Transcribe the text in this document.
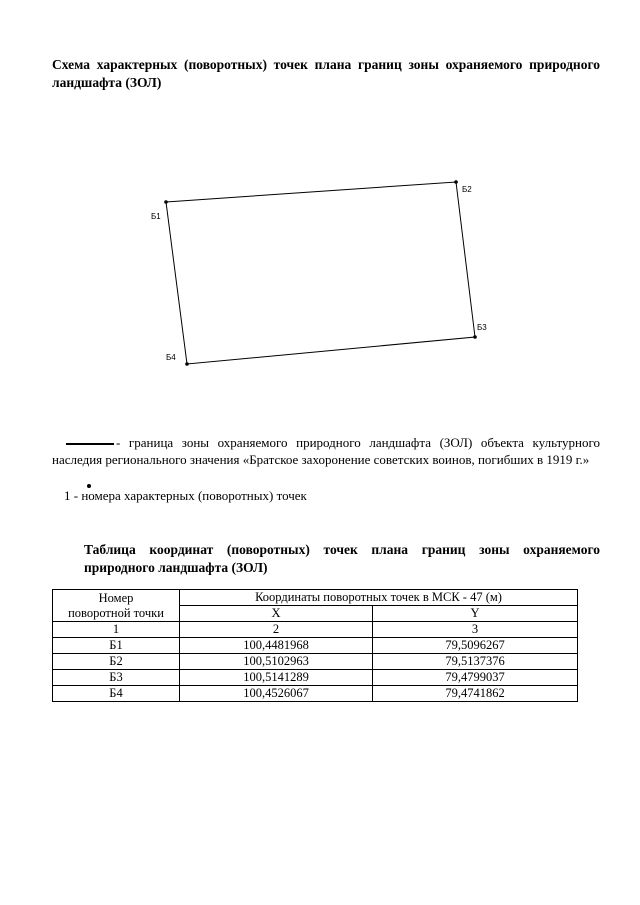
Схема характерных (поворотных) точек плана границ зоны охраняемого природного ландшафта (ЗОЛ)
Б1
Б2
Б3
Б4
- граница зоны охраняемого природного ландшафта (ЗОЛ) объекта культурного наследия регионального значения «Братское захоронение советских воинов, погибших в 1919 г.»
1 - номера характерных (поворотных) точек
Таблица координат (поворотных) точек плана границ зоны охраняемого природного ландшафта (ЗОЛ)
Номер
поворотной точки	Координаты поворотных точек в МСК - 47 (м)	
	X	Y
1	2	3
Б1	100,4481968	79,5096267
Б2	100,5102963	79,5137376
Б3	100,5141289	79,4799037
Б4	100,4526067	79,4741862
